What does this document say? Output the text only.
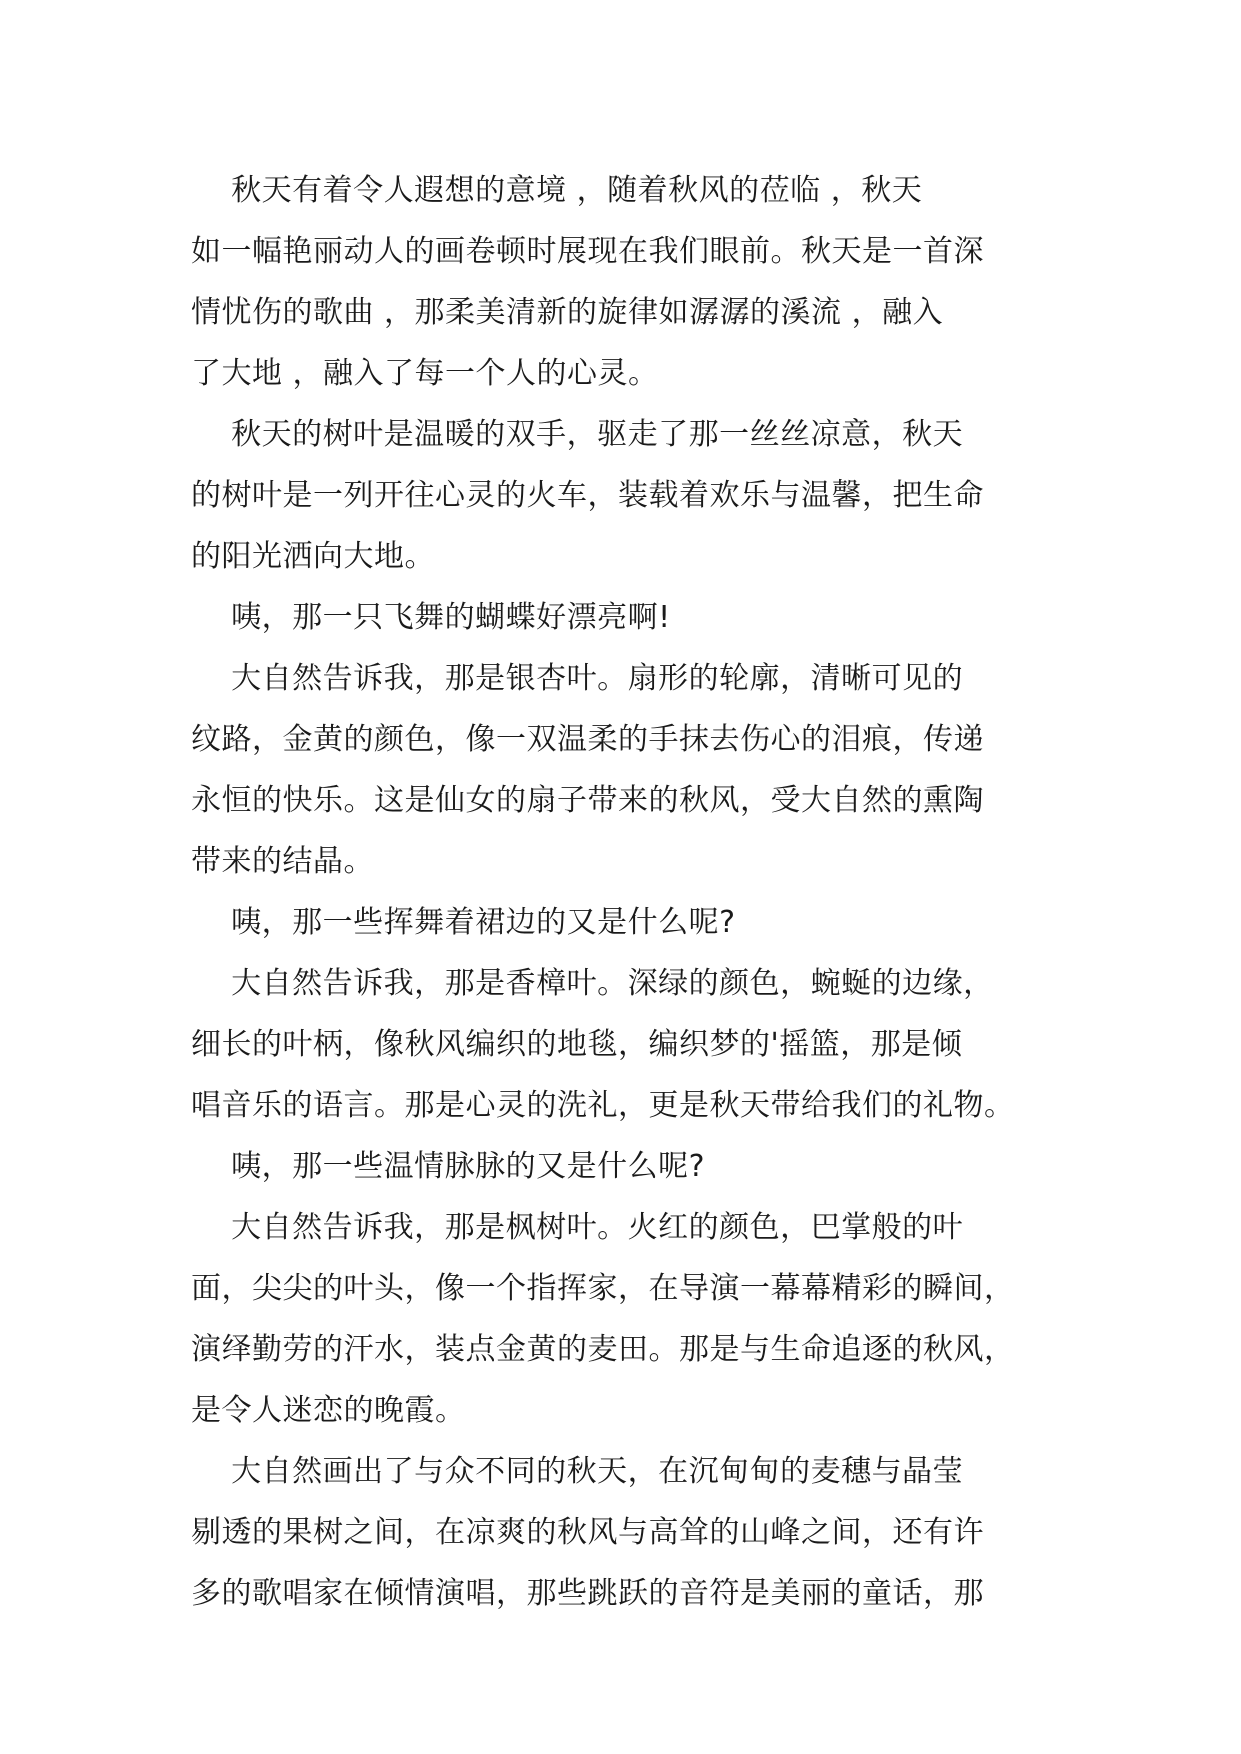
秋天有着令人遐想的意境 ，随着秋风的莅临 ，秋天
如一幅艳丽动人的画卷顿时展现在我们眼前。秋天是一首深
情忧伤的歌曲 ，那柔美清新的旋律如潺潺的溪流 ，融入
了大地 ，融入了每一个人的心灵。
秋天的树叶是温暖的双手，驱走了那一丝丝凉意，秋天
的树叶是一列开往心灵的火车，装载着欢乐与温馨，把生命
的阳光洒向大地。
咦，那一只飞舞的蝴蝶好漂亮啊!
大自然告诉我，那是银杏叶。扇形的轮廓，清晰可见的
纹路，金黄的颜色，像一双温柔的手抹去伤心的泪痕，传递
永恒的快乐。这是仙女的扇子带来的秋风，受大自然的熏陶
带来的结晶。
咦，那一些挥舞着裙边的又是什么呢?
大自然告诉我，那是香樟叶。深绿的颜色，蜿蜒的边缘，
细长的叶柄，像秋风编织的地毯，编织梦的'摇篮，那是倾
唱音乐的语言。那是心灵的洗礼，更是秋天带给我们的礼物。
咦，那一些温情脉脉的又是什么呢?
大自然告诉我，那是枫树叶。火红的颜色，巴掌般的叶
面，尖尖的叶头，像一个指挥家，在导演一幕幕精彩的瞬间，
演绎勤劳的汗水，装点金黄的麦田。那是与生命追逐的秋风，
是令人迷恋的晚霞。
大自然画出了与众不同的秋天，在沉甸甸的麦穗与晶莹
剔透的果树之间，在凉爽的秋风与高耸的山峰之间，还有许
多的歌唱家在倾情演唱，那些跳跃的音符是美丽的童话，那
